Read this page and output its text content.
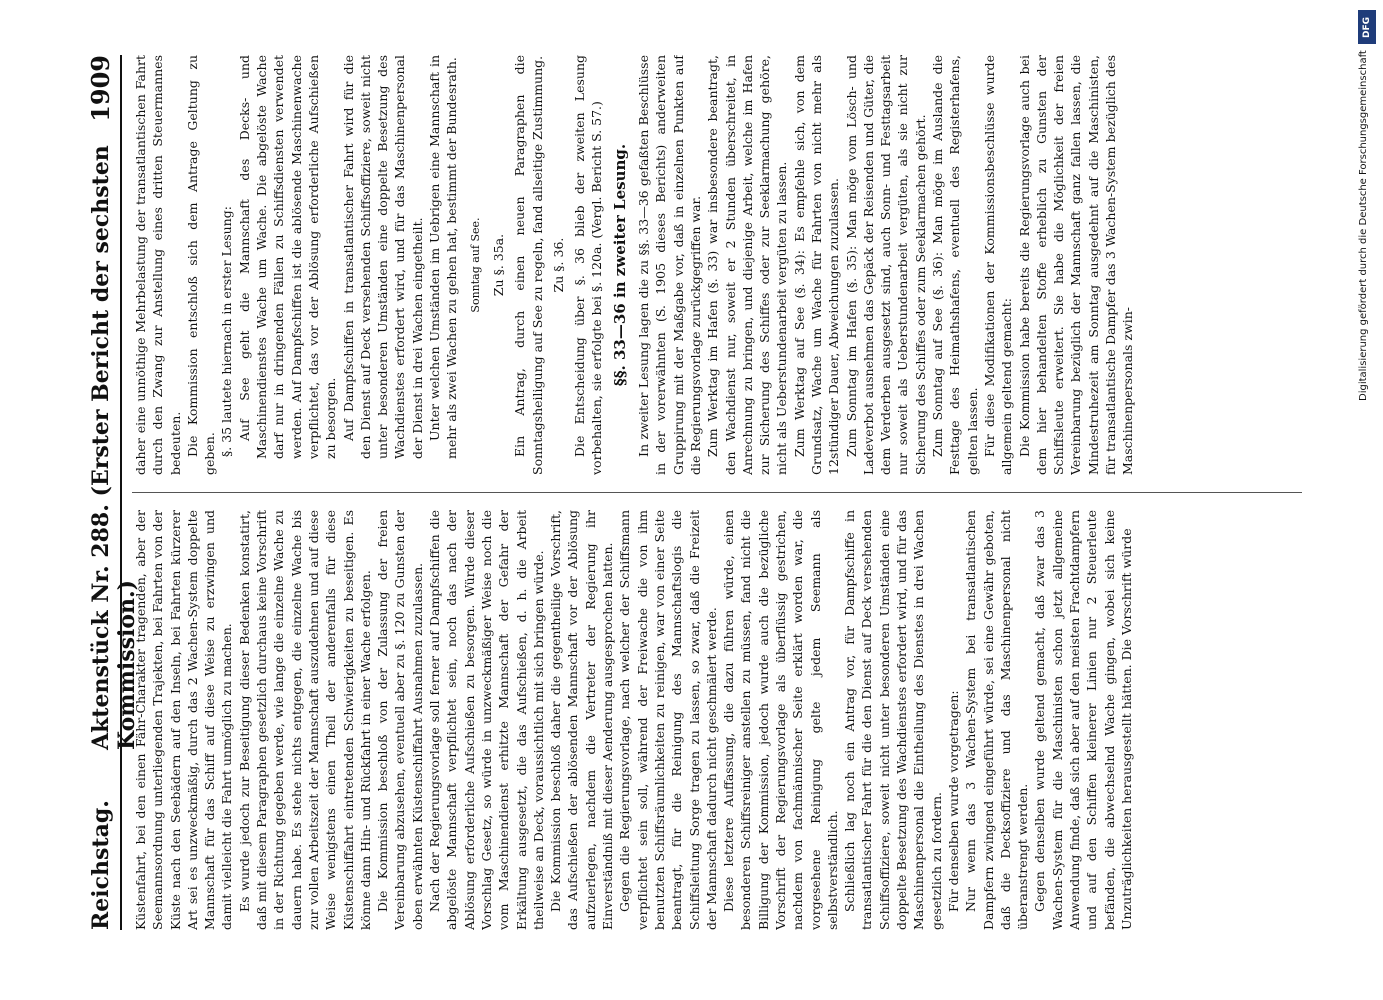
Reichstag.
Aktenstück Nr. 288. (Erster Bericht der sechsten Kommission.)
1909

Küstenfahrt, bei den einen Fähr-Charakter tragenden, aber der Seemannsordnung unterliegenden Trajekten, bei Fahrten von der Küste nach den Seebädern auf den Inseln, bei Fahrten kürzerer Art sei es unzweckmäßig, durch das 2 Wachen-System doppelte Mannschaft für das Schiff auf diese Weise zu erzwingen und damit vielleicht die Fahrt unmöglich zu machen. Es wurde jedoch zur Beseitigung dieser Bedenken konstatirt, daß mit diesem Paragraphen gesetzlich durchaus keine Vorschrift in der Richtung gegeben werde, wie lange die einzelne Wache zu dauern habe. Es stehe nichts entgegen, die einzelne Wache bis zur vollen Arbeitszeit der Mannschaft auszudehnen und auf diese Weise wenigstens einen Theil der anderenfalls für diese Küstenschiffahrt eintretenden Schwierigkeiten zu beseitigen. Es könne dann Hin- und Rückfahrt in einer Wache erfolgen. Die Kommission beschloß von der Zulassung der freien Vereinbarung abzusehen, eventuell aber zu §. 120 zu Gunsten der oben erwähnten Küstenschiffahrt Ausnahmen zuzulassen. Nach der Regierungsvorlage soll ferner auf Dampfschiffen die abgelöste Mannschaft verpflichtet sein, noch das nach der Ablösung erforderliche Aufschießen zu besorgen. Würde dieser Vorschlag Gesetz, so würde in unzweckmäßiger Weise noch die vom Maschinendienst erhitzte Mannschaft der Gefahr der Erkältung ausgesetzt, die das Aufschießen, d. h. die Arbeit theilweise an Deck, voraussichtlich mit sich bringen würde. Die Kommission beschloß daher die gegentheilige Vorschrift, das Aufschießen der ablösenden Mannschaft vor der Ablösung aufzuerlegen, nachdem die Vertreter der Regierung ihr Einverständniß mit dieser Aenderung ausgesprochen hatten. Gegen die Regierungsvorlage, nach welcher der Schiffsmann verpflichtet sein soll, während der Freiwache die von ihm benutzten Schiffsräumlichkeiten zu reinigen, war von einer Seite beantragt, für die Reinigung des Mannschaftslogis die Schiffsleitung Sorge tragen zu lassen, so zwar, daß die Freizeit der Mannschaft dadurch nicht geschmälert werde. Diese letztere Auffassung, die dazu führen würde, einen besonderen Schiffsreiniger anstellen zu müssen, fand nicht die Billigung der Kommission, jedoch wurde auch die bezügliche Vorschrift der Regierungsvorlage als überflüssig gestrichen, nachdem von fachmännischer Seite erklärt worden war, die vorgesehene Reinigung gelte jedem Seemann als selbstverständlich. Schließlich lag noch ein Antrag vor, für Dampfschiffe in transatlantischer Fahrt für die den Dienst auf Deck versehenden Schiffsoffiziere, soweit nicht unter besonderen Umständen eine doppelte Besetzung des Wachdienstes erfordert wird, und für das Maschinenpersonal die Eintheilung des Dienstes in drei Wachen gesetzlich zu fordern. Für denselben wurde vorgetragen: Nur wenn das 3 Wachen-System bei transatlantischen Dampfern zwingend eingeführt würde, sei eine Gewähr geboten, daß die Decksoffiziere und das Maschinenpersonal nicht überanstrengt werden. Gegen denselben wurde geltend gemacht, daß zwar das 3 Wachen-System für die Maschinisten schon jetzt allgemeine Anwendung finde, daß sich aber auf den meisten Frachtdampfern und auf den Schiffen kleinerer Linien nur 2 Steuerleute befänden, die abwechselnd Wache gingen, wobei sich keine Unzuträglichkeiten herausgestellt hätten. Die Vorschrift würde

daher eine unnöthige Mehrbelastung der transatlantischen Fahrt durch den Zwang zur Anstellung eines dritten Steuermannes bedeuten. Die Kommission entschloß sich dem Antrage Geltung zu geben. §. 35 lautete hiernach in erster Lesung: Auf See geht die Mannschaft des Decks- und Maschinendienstes Wache um Wache. Die abgelöste Wache darf nur in dringenden Fällen zu Schiffsdiensten verwendet werden. Auf Dampfschiffen ist die ablösende Maschinenwache verpflichtet, das vor der Ablösung erforderliche Aufschießen zu besorgen. Auf Dampfschiffen in transatlantischer Fahrt wird für die den Dienst auf Deck versehenden Schiffsoffiziere, soweit nicht unter besonderen Umständen eine doppelte Besetzung des Wachdienstes erfordert wird, und für das Maschinenpersonal der Dienst in drei Wachen eingetheilt. Unter welchen Umständen im Uebrigen eine Mannschaft in mehr als zwei Wachen zu gehen hat, bestimmt der Bundesrath. Sonntag auf See. Zu §. 35a. Ein Antrag, durch einen neuen Paragraphen die Sonntagsheiligung auf See zu regeln, fand allseitige Zustimmung. Zu §. 36. Die Entscheidung über §. 36 blieb der zweiten Lesung vorbehalten, sie erfolgte bei §. 120a. (Vergl. Bericht S. 57.) §§. 33—36 in zweiter Lesung. In zweiter Lesung lagen die zu §§. 33—36 gefaßten Beschlüsse in der vorerwähnten (S. 1905 dieses Berichts) anderweiten Gruppirung mit der Maßgabe vor, daß in einzelnen Punkten auf die Regierungsvorlage zurückgegriffen war. Zum Werktag im Hafen (§. 33) war insbesondere beantragt, den Wachdienst nur, soweit er 2 Stunden überschreitet, in Anrechnung zu bringen, und diejenige Arbeit, welche im Hafen zur Sicherung des Schiffes oder zur Seeklarmachung gehöre, nicht als Ueberstundenarbeit vergüten zu lassen. Zum Werktag auf See (§. 34): Es empfehle sich, von dem Grundsatz, Wache um Wache für Fahrten von nicht mehr als 12stündiger Dauer, Abweichungen zuzulassen. Zum Sonntag im Hafen (§. 35): Man möge vom Lösch- und Ladeverbot ausnehmen das Gepäck der Reisenden und Güter, die dem Verderben ausgesetzt sind, auch Sonn- und Festtagsarbeit nur soweit als Ueberstundenarbeit vergüten, als sie nicht zur Sicherung des Schiffes oder zum Seeklarmachen gehört. Zum Sonntag auf See (§. 36): Man möge im Auslande die Festtage des Heimathshafens, eventuell des Registerhafens, gelten lassen. Für diese Modifikationen der Kommissionsbeschlüsse wurde allgemein geltend gemacht: Die Kommission habe bereits die Regierungsvorlage auch bei dem hier behandelten Stoffe erheblich zu Gunsten der Schiffsleute erweitert. Sie habe die Möglichkeit der freien Vereinbarung bezüglich der Mannschaft ganz fallen lassen, die Mindestruhezeit am Sonntag ausgedehnt auf die Maschinisten, für transatlantische Dampfer das 3 Wachen-System bezüglich des Maschinenpersonals zwin-

DFG
Digitalisierung gefördert durch die Deutsche Forschungsgemeinschaft
